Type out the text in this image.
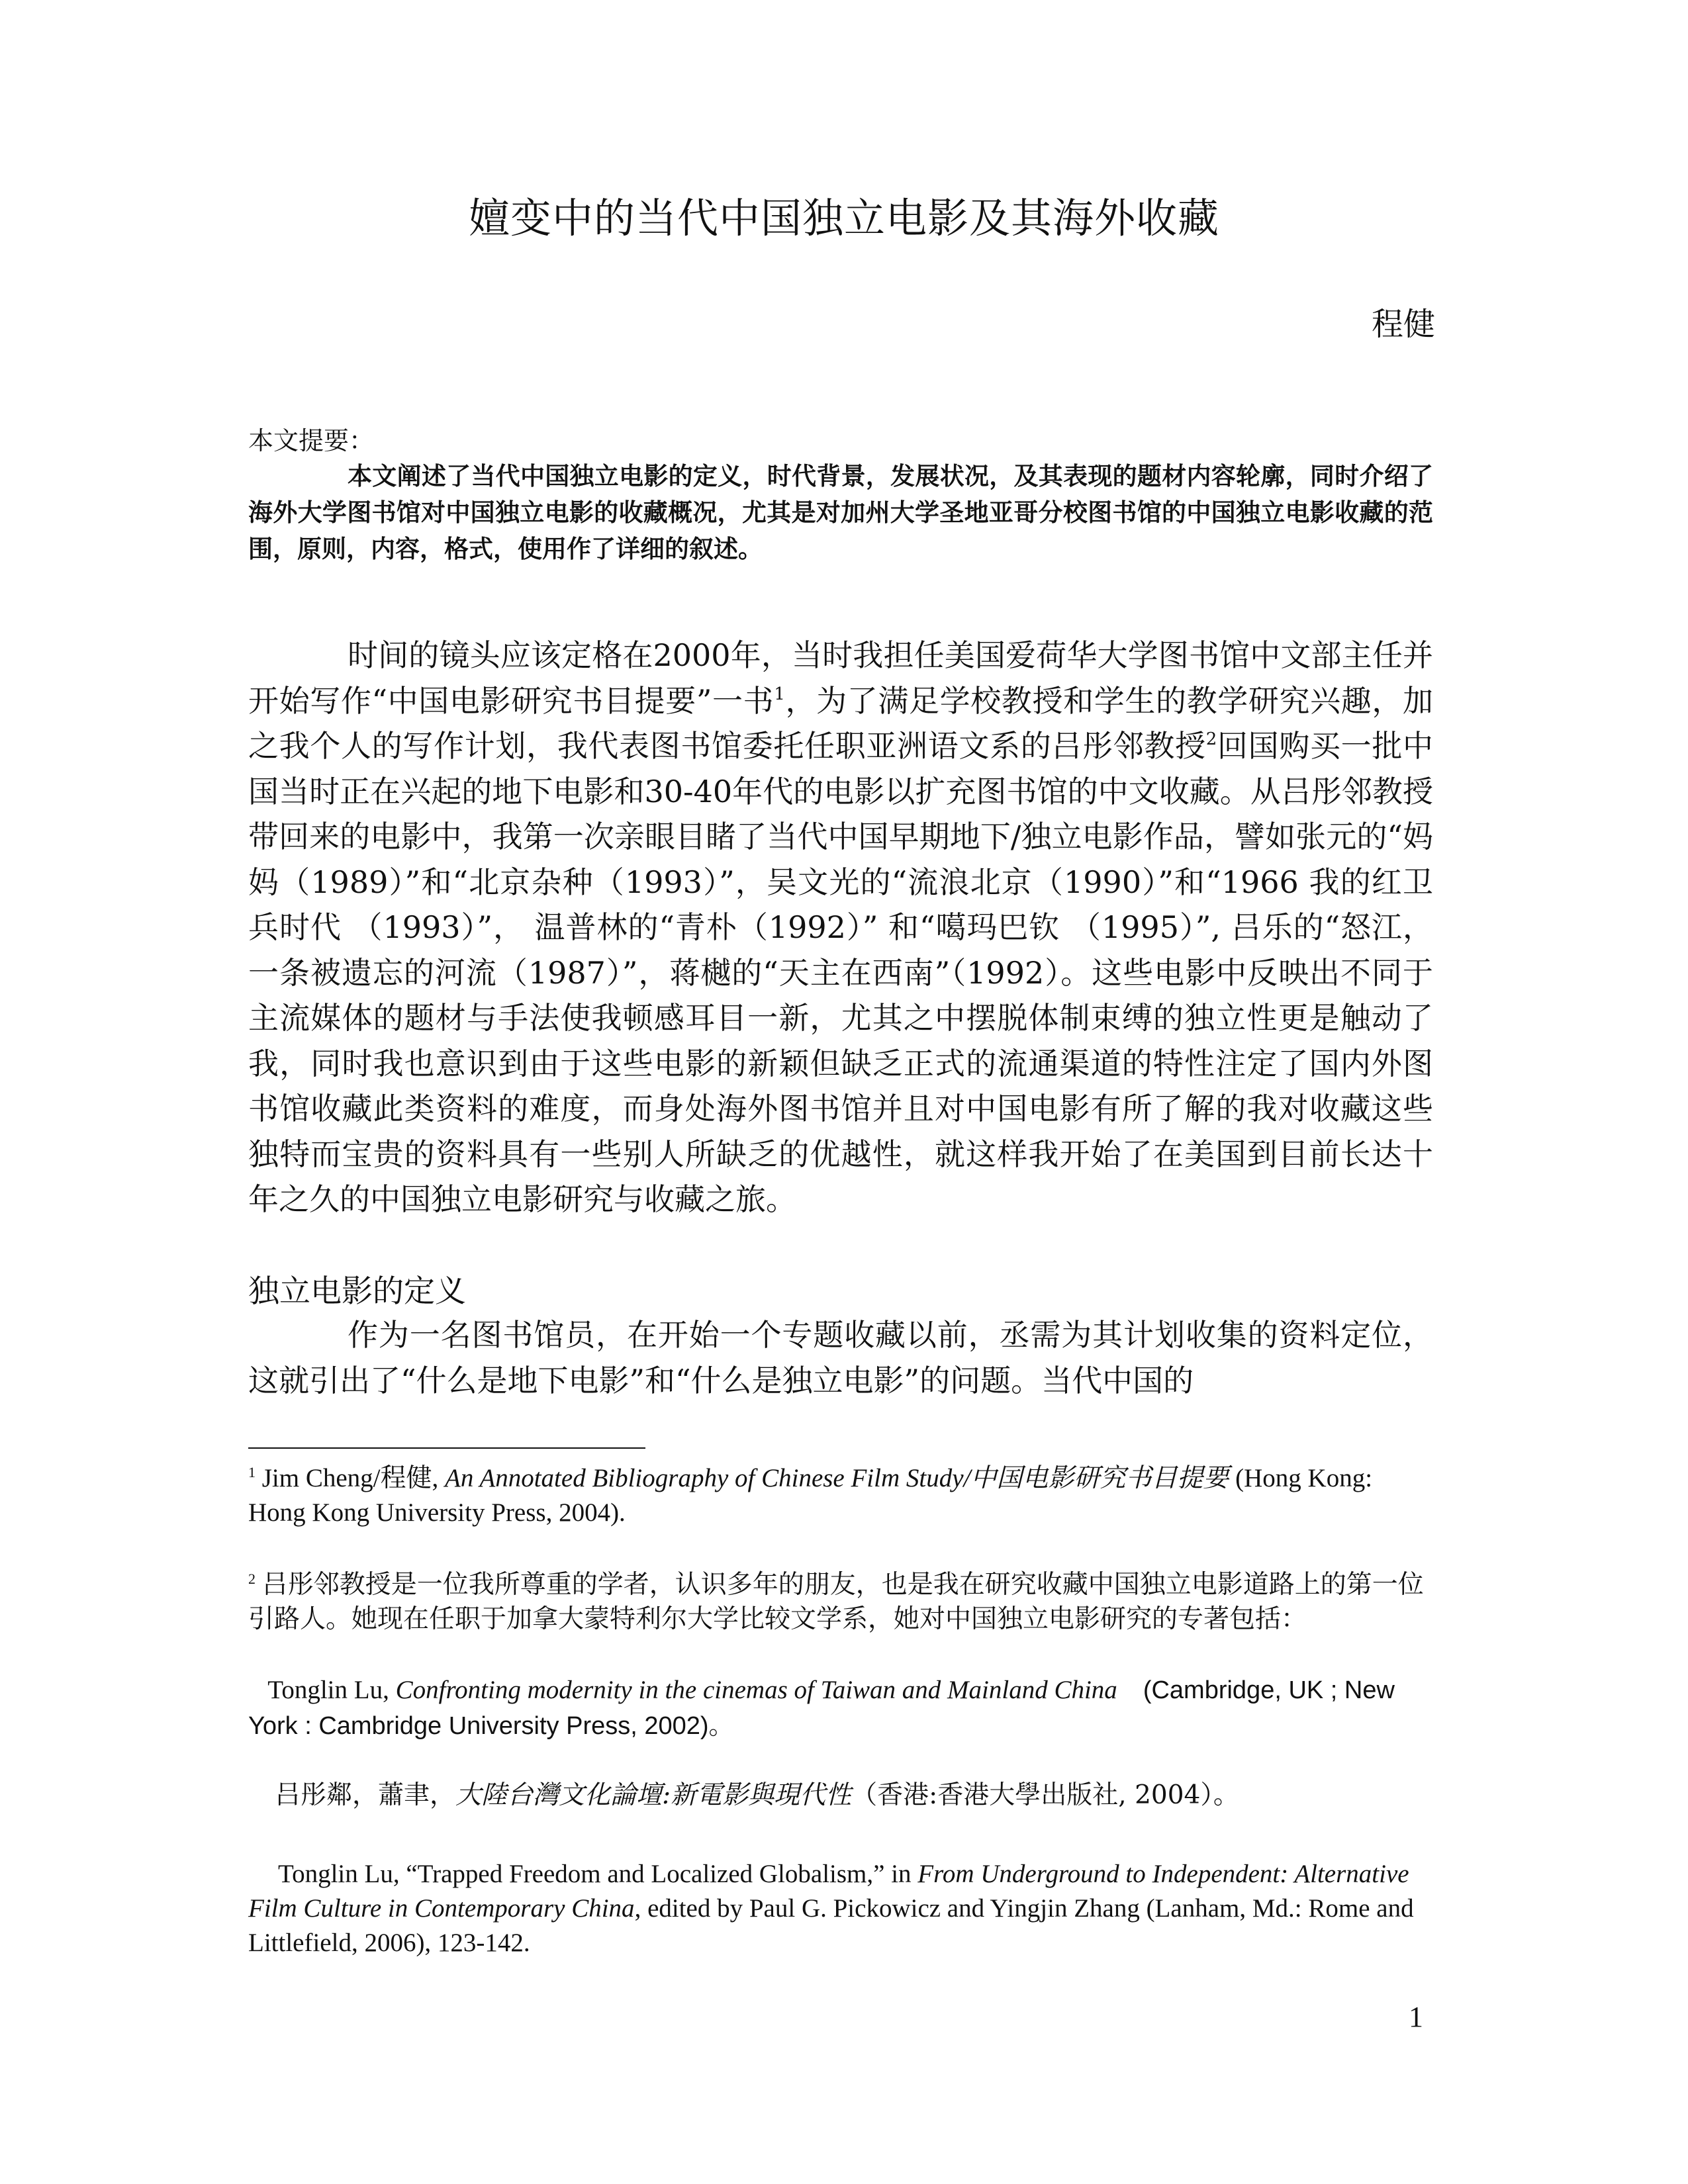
嬗变中的当代中国独立电影及其海外收藏
程健
本文提要：

本文阐述了当代中国独立电影的定义，时代背景，发展状况，及其表现的题材内容轮廓，同时介绍了海外大学图书馆对中国独立电影的收藏概况，尤其是对加州大学圣地亚哥分校图书馆的中国独立电影收藏的范围，原则，内容，格式，使用作了详细的叙述。

时间的镜头应该定格在2000年，当时我担任美国爱荷华大学图书馆中文部主任并开始写作“中国电影研究书目提要”一书$^1$，为了满足学校教授和学生的教学研究兴趣，加之我个人的写作计划，我代表图书馆委托任职亚洲语文系的吕彤邻教授$^2$回国购买一批中国当时正在兴起的地下电影和30-40年代的电影以扩充图书馆的中文收藏。从吕彤邻教授带回来的电影中，我第一次亲眼目睹了当代中国早期地下/独立电影作品，譬如张元的“妈妈（1989）”和“北京杂种（1993）”，吴文光的“流浪北京（1990）”和“1966 我的红卫兵时代 （1993）”， 温普林的“青朴（1992）” 和“噶玛巴钦 （1995）”, 吕乐的“怒江，一条被遗忘的河流（1987）”，蒋樾的“天主在西南”（1992）。这些电影中反映出不同于主流媒体的题材与手法使我顿感耳目一新，尤其之中摆脱体制束缚的独立性更是触动了我，同时我也意识到由于这些电影的新颖但缺乏正式的流通渠道的特性注定了国内外图书馆收藏此类资料的难度，而身处海外图书馆并且对中国电影有所了解的我对收藏这些独特而宝贵的资料具有一些别人所缺乏的优越性，就这样我开始了在美国到目前长达十年之久的中国独立电影研究与收藏之旅。

独立电影的定义

作为一名图书馆员，在开始一个专题收藏以前，丞需为其计划收集的资料定位，这就引出了“什么是地下电影”和“什么是独立电影”的问题。当代中国的

$^1$ Jim Cheng/程健, An Annotated Bibliography of Chinese Film Study/中国电影研究书目提要 (Hong Kong: Hong Kong University Press, 2004).

$^2$ 吕彤邻教授是一位我所尊重的学者，认识多年的朋友，也是我在研究收藏中国独立电影道路上的第一位引路人。她现在任职于加拿大蒙特利尔大学比较文学系，她对中国独立电影研究的专著包括：

Tonglin Lu, Confronting modernity in the cinemas of Taiwan and Mainland China (Cambridge, UK ; New York : Cambridge University Press, 2002)。

吕彤鄰，蕭聿，大陸台灣文化論壇:新電影與現代性（香港:香港大學出版社, 2004）。

Tonglin Lu, “Trapped Freedom and Localized Globalism,” in From Underground to Independent: Alternative Film Culture in Contemporary China, edited by Paul G. Pickowicz and Yingjin Zhang (Lanham, Md.: Rome and Littlefield, 2006), 123-142.

1
